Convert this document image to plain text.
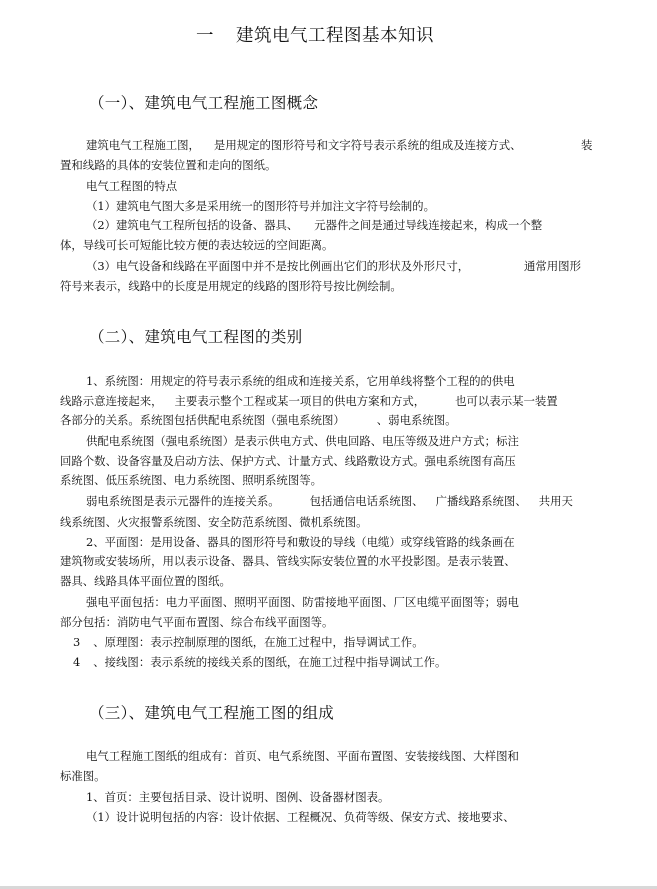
一 建筑电气工程图基本知识
（一）、建筑电气工程施工图概念
建筑电气工程施工图， 是用规定的图形符号和文字符号表示系统的组成及连接方式、	装
置和线路的具体的安装位置和走向的图纸。
电气工程图的特点
（1）建筑电气图大多是采用统一的图形符号并加注文字符号绘制的。
（2）建筑电气工程所包括的设备、器具、 元器件之间是通过导线连接起来，构成一个整
体，导线可长可短能比较方便的表达较远的空间距离。
（3）电气设备和线路在平面图中并不是按比例画出它们的形状及外形尺寸，	通常用图形
符号来表示，线路中的长度是用规定的线路的图形符号按比例绘制。
（二）、建筑电气工程图的类别
1、系统图：用规定的符号表示系统的组成和连接关系，它用单线将整个工程的的供电
线路示意连接起来， 主要表示整个工程或某一项目的供电方案和方式，	也可以表示某一装置
各部分的关系。系统图包括供配电系统图（强电系统图）	、弱电系统图。
供配电系统图（强电系统图）是表示供电方式、供电回路、电压等级及进户方式；标注
回路个数、设备容量及启动方法、保护方式、计量方式、线路敷设方式。强电系统图有高压
系统图、低压系统图、电力系统图、照明系统图等。
弱电系统图是表示元器件的连接关系。	包括通信电话系统图、 广播线路系统图、 共用天
线系统图、火灾报警系统图、安全防范系统图、微机系统图。
2、平面图：是用设备、器具的图形符号和敷设的导线（电缆）或穿线管路的线条画在
建筑物或安装场所，用以表示设备、器具、管线实际安装位置的水平投影图。是表示装置、
器具、线路具体平面位置的图纸。
强电平面包括：电力平面图、照明平面图、防雷接地平面图、厂区电缆平面图等；弱电
部分包括：消防电气平面布置图、综合布线平面图等。
3 、原理图：表示控制原理的图纸，在施工过程中，指导调试工作。
4 、接线图：表示系统的接线关系的图纸，在施工过程中指导调试工作。
（三）、建筑电气工程施工图的组成
电气工程施工图纸的组成有：首页、电气系统图、平面布置图、安装接线图、大样图和
标准图。
1、首页：主要包括目录、设计说明、图例、设备器材图表。
（1）设计说明包括的内容：设计依据、工程概况、负荷等级、保安方式、接地要求、
